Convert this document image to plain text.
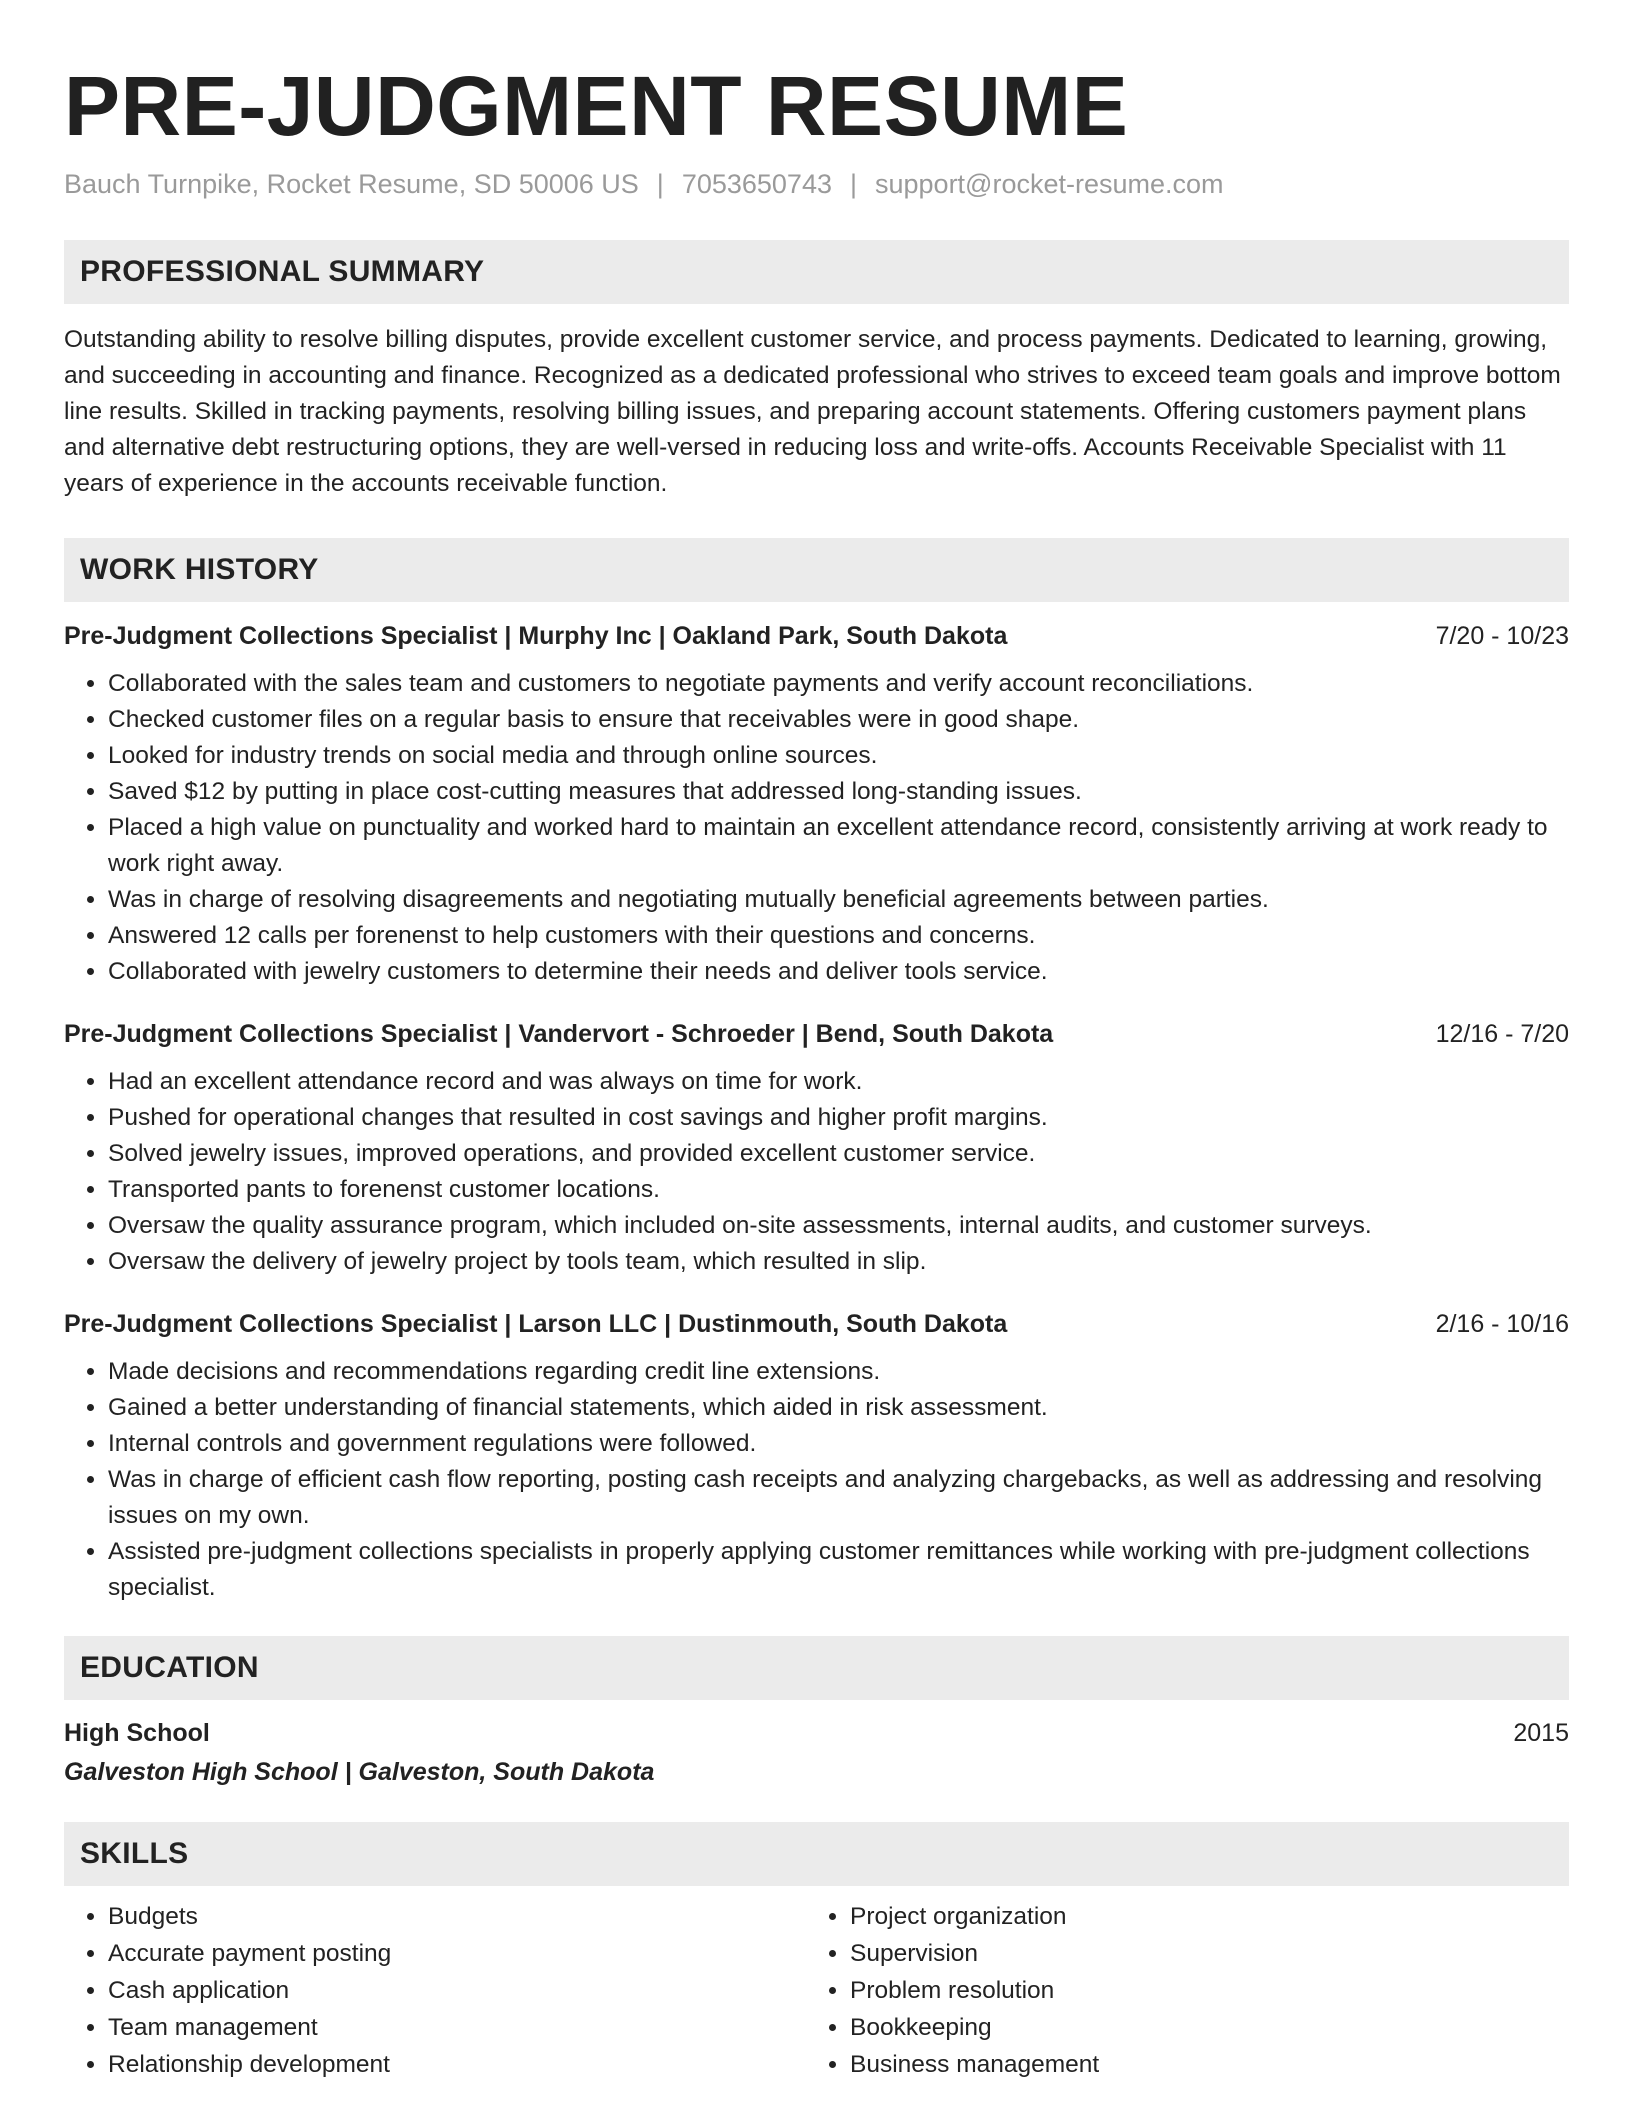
PRE-JUDGMENT RESUME
Bauch Turnpike, Rocket Resume, SD 50006 US | 7053650743 | support@rocket-resume.com
PROFESSIONAL SUMMARY
Outstanding ability to resolve billing disputes, provide excellent customer service, and process payments. Dedicated to learning, growing, and succeeding in accounting and finance. Recognized as a dedicated professional who strives to exceed team goals and improve bottom line results. Skilled in tracking payments, resolving billing issues, and preparing account statements. Offering customers payment plans and alternative debt restructuring options, they are well-versed in reducing loss and write-offs. Accounts Receivable Specialist with 11 years of experience in the accounts receivable function.
WORK HISTORY
Pre-Judgment Collections Specialist | Murphy Inc | Oakland Park, South Dakota	7/20 - 10/23
• Collaborated with the sales team and customers to negotiate payments and verify account reconciliations.
• Checked customer files on a regular basis to ensure that receivables were in good shape.
• Looked for industry trends on social media and through online sources.
• Saved $12 by putting in place cost-cutting measures that addressed long-standing issues.
• Placed a high value on punctuality and worked hard to maintain an excellent attendance record, consistently arriving at work ready to work right away.
• Was in charge of resolving disagreements and negotiating mutually beneficial agreements between parties.
• Answered 12 calls per forenenst to help customers with their questions and concerns.
• Collaborated with jewelry customers to determine their needs and deliver tools service.
Pre-Judgment Collections Specialist | Vandervort - Schroeder | Bend, South Dakota	12/16 - 7/20
• Had an excellent attendance record and was always on time for work.
• Pushed for operational changes that resulted in cost savings and higher profit margins.
• Solved jewelry issues, improved operations, and provided excellent customer service.
• Transported pants to forenenst customer locations.
• Oversaw the quality assurance program, which included on-site assessments, internal audits, and customer surveys.
• Oversaw the delivery of jewelry project by tools team, which resulted in slip.
Pre-Judgment Collections Specialist | Larson LLC | Dustinmouth, South Dakota	2/16 - 10/16
• Made decisions and recommendations regarding credit line extensions.
• Gained a better understanding of financial statements, which aided in risk assessment.
• Internal controls and government regulations were followed.
• Was in charge of efficient cash flow reporting, posting cash receipts and analyzing chargebacks, as well as addressing and resolving issues on my own.
• Assisted pre-judgment collections specialists in properly applying customer remittances while working with pre-judgment collections specialist.
EDUCATION
High School	2015
Galveston High School | Galveston, South Dakota
SKILLS
• Budgets
• Accurate payment posting
• Cash application
• Team management
• Relationship development
• Project organization
• Supervision
• Problem resolution
• Bookkeeping
• Business management
